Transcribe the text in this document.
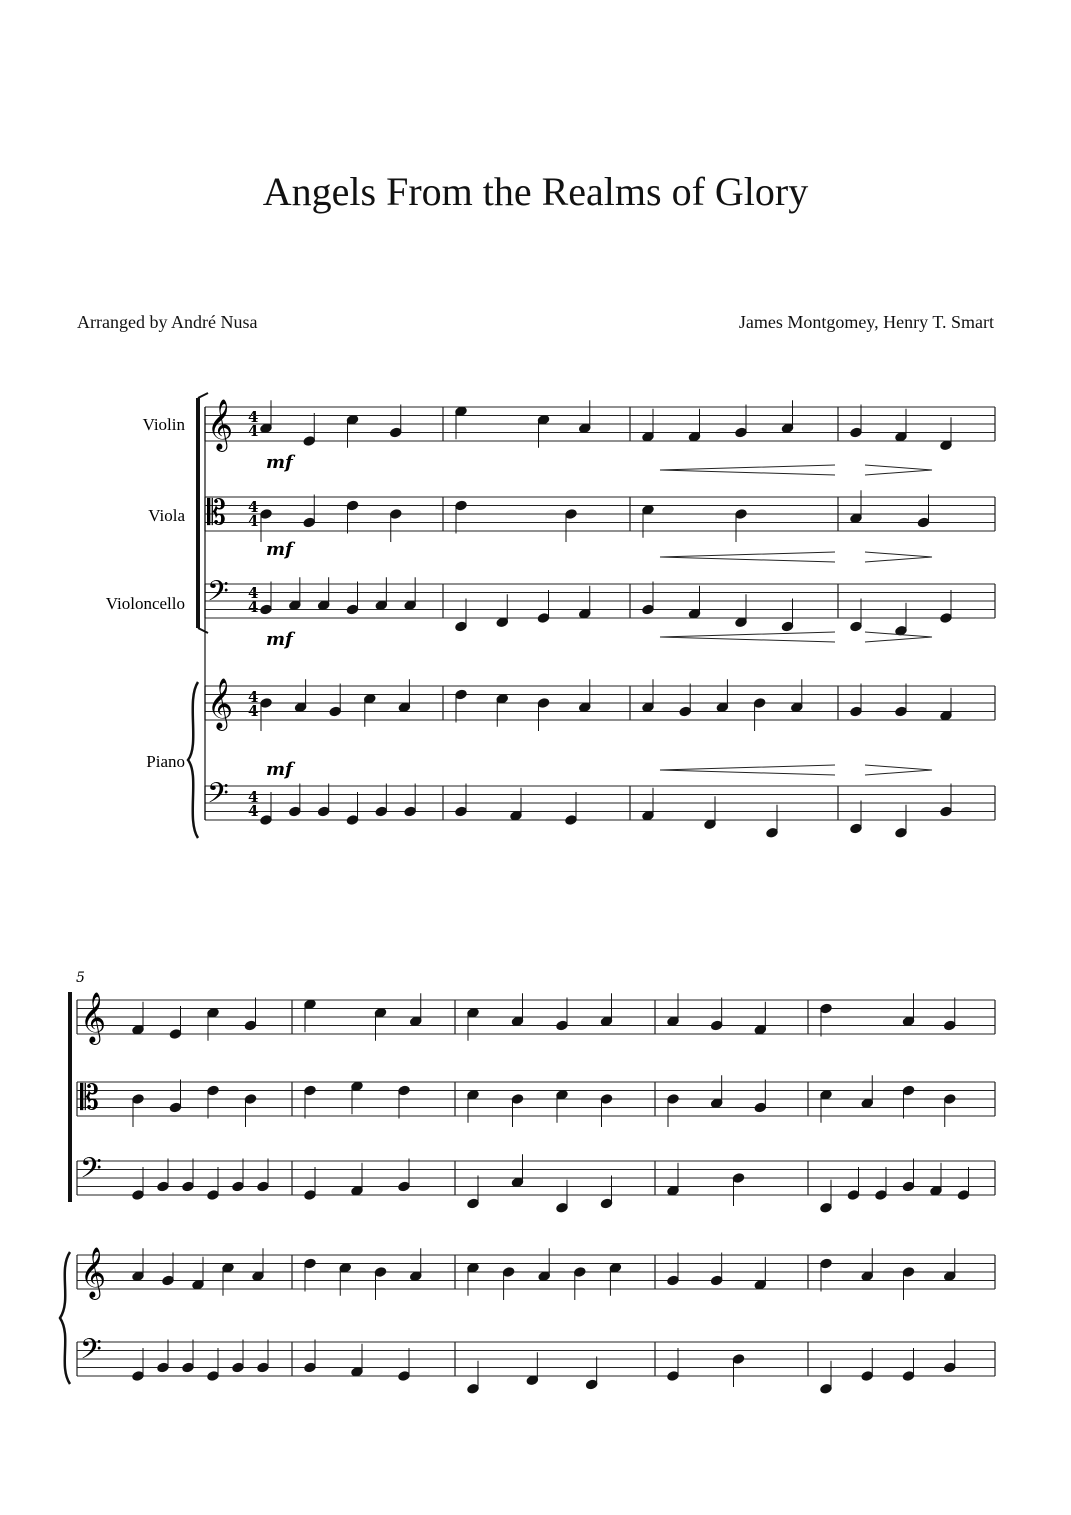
Angels From the Realms of Glory
Arranged by André Nusa	James Montgomey, Henry T. Smart
Violin
Viola
Violoncello
Piano
5
4
4
4
4
4
4
4
4
4
4
mf
mf
mf
mf
𝄞
𝄡
𝄢
𝄞
𝄢
𝄞
𝄡
𝄢
𝄞
𝄢
